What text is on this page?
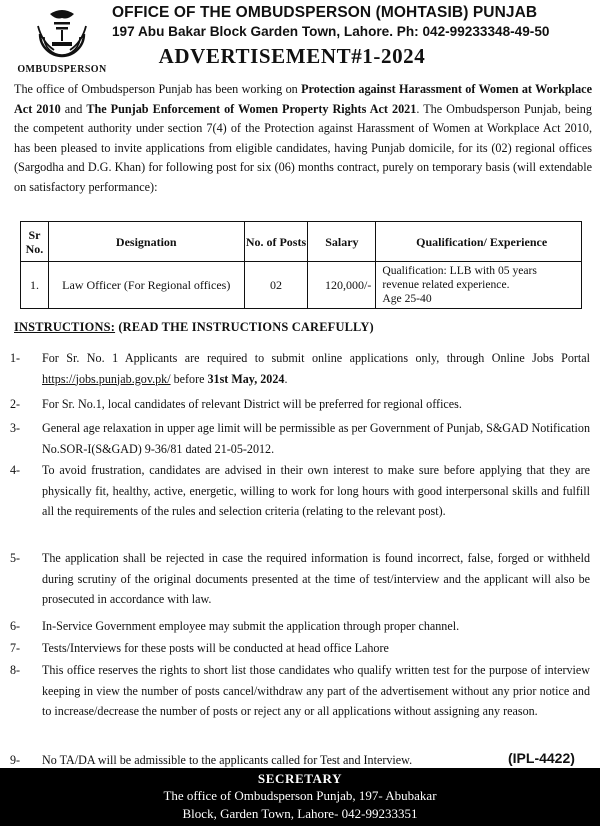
OMBUDSPERSON
OFFICE OF THE OMBUDSPERSON (MOHTASIB) PUNJAB
197 Abu Bakar Block Garden Town, Lahore. Ph: 042-99233348-49-50
ADVERTISEMENT#1-2024
The office of Ombudsperson Punjab has been working on Protection against Harassment of Women at Workplace Act 2010 and The Punjab Enforcement of Women Property Rights Act 2021. The Ombudsperson Punjab, being the competent authority under section 7(4) of the Protection against Harassment of Women at Workplace Act 2010, has been pleased to invite applications from eligible candidates, having Punjab domicile, for its (02) regional offices (Sargodha and D.G. Khan) for following post for six (06) months contract, purely on temporary basis (will extendable on satisfactory performance):
Sr No.	Designation	No. of Posts	Salary	Qualification/ Experience
1.	Law Officer (For Regional offices)	02	120,000/-	Qualification: LLB with 05 years
revenue related experience.
Age 25-40
INSTRUCTIONS: (READ THE INSTRUCTIONS CAREFULLY)
1-	For Sr. No. 1 Applicants are required to submit online applications only, through Online Jobs Portal https://jobs.punjab.gov.pk/ before 31st May, 2024.
2-	For Sr. No.1, local candidates of relevant District will be preferred for regional offices.
3-	General age relaxation in upper age limit will be permissible as per Government of Punjab, S&GAD Notification No.SOR-I(S&GAD) 9-36/81 dated 21-05-2012.
4-	To avoid frustration, candidates are advised in their own interest to make sure before applying that they are physically fit, healthy, active, energetic, willing to work for long hours with good interpersonal skills and fulfill all the requirements of the rules and selection criteria (relating to the relevant post).
5-	The application shall be rejected in case the required information is found incorrect, false, forged or withheld during scrutiny of the original documents presented at the time of test/interview and the applicant will also be prosecuted in accordance with law.
6-	In-Service Government employee may submit the application through proper channel.
7-	Tests/Interviews for these posts will be conducted at head office Lahore
8-	This office reserves the rights to short list those candidates who qualify written test for the purpose of interview keeping in view the number of posts cancel/withdraw any part of the advertisement without any prior notice and to increase/decrease the number of posts or reject any or all applications without assigning any reason.
9-	No TA/DA will be admissible to the applicants called for Test and Interview.	(IPL-4422)
SECRETARY
The office of Ombudsperson Punjab, 197- Abubakar
Block, Garden Town, Lahore- 042-99233351
